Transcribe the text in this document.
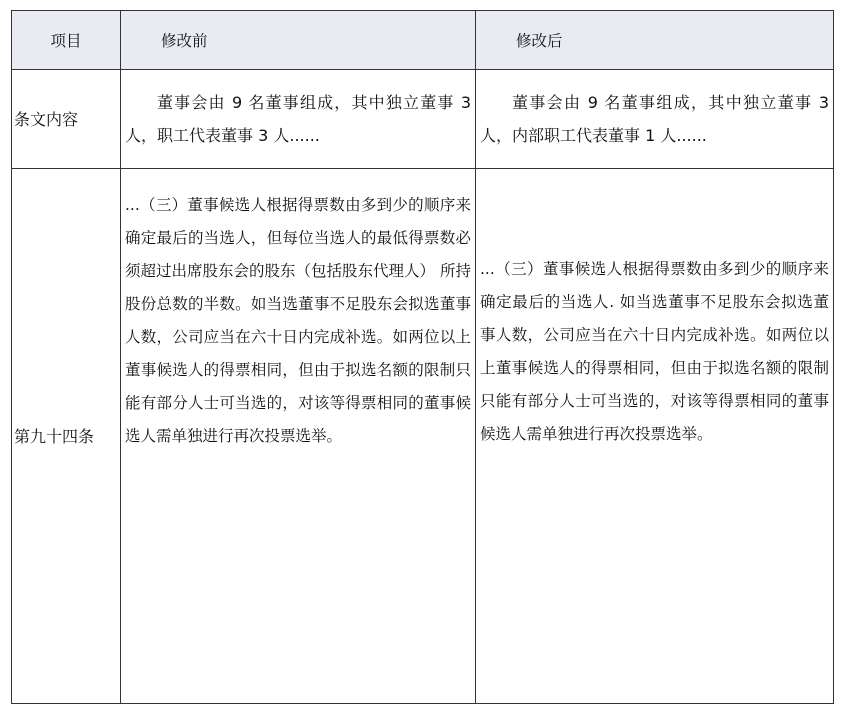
项目	修改前	修改后
条文内容	董事会由 9 名董事组成，其中独立董事 3 人，职工代表董事 3 人......	董事会由 9 名董事组成，其中独立董事 3 人，内部职工代表董事 1 人......

第九十四条	...（三）董事候选人根据得票数由多到少的顺序来确定最后的当选人，但每位当选人的最低得票数必须超过出席股东会的股东（包括股东代理人） 所持股份总数的半数。如当选董事不足股东会拟选董事人数，公司应当在六十日内完成补选。如两位以上董事候选人的得票相同，但由于拟选名额的限制只能有部分人士可当选的，对该等得票相同的董事候选人需单独进行再次投票选举。	...（三）董事候选人根据得票数由多到少的顺序来确定最后的当选人. 如当选董事不足股东会拟选董事人数，公司应当在六十日内完成补选。如两位以上董事候选人的得票相同，但由于拟选名额的限制只能有部分人士可当选的，对该等得票相同的董事候选人需单独进行再次投票选举。
